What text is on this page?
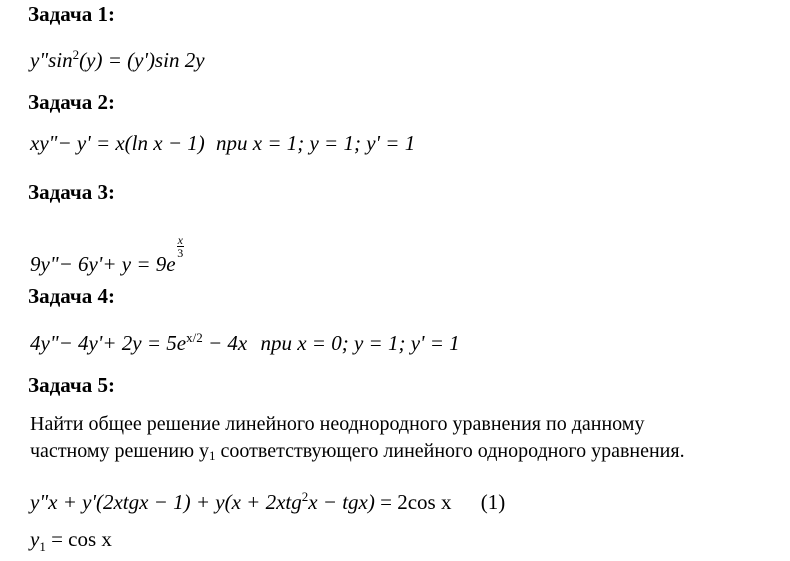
Задача 1:
$y"\sin^2(y) = (y')\sin$ 2y
Задача 2:
xy"− y' = x(ln x − 1) при x = 1; y = 1; y' = 1
Задача 3:
9y"− 6y'+ y = 9e
$\frac{x}{3}$
Задача 4:
4y"− $4y'+ 2y = 5e^{x/2} - 4x$ при x = 0; y = 1; y' = 1
Задача 5:
Найти общее решение линейного неоднородного уравнения по данному
частному решению y1 соответствующего линейного однородного уравнения.
y"x + y'(2xtgx − 1) + y(x + 2xtg$^2$x − tgx) = 2cos x (1)
$y_1 = \cos x$
